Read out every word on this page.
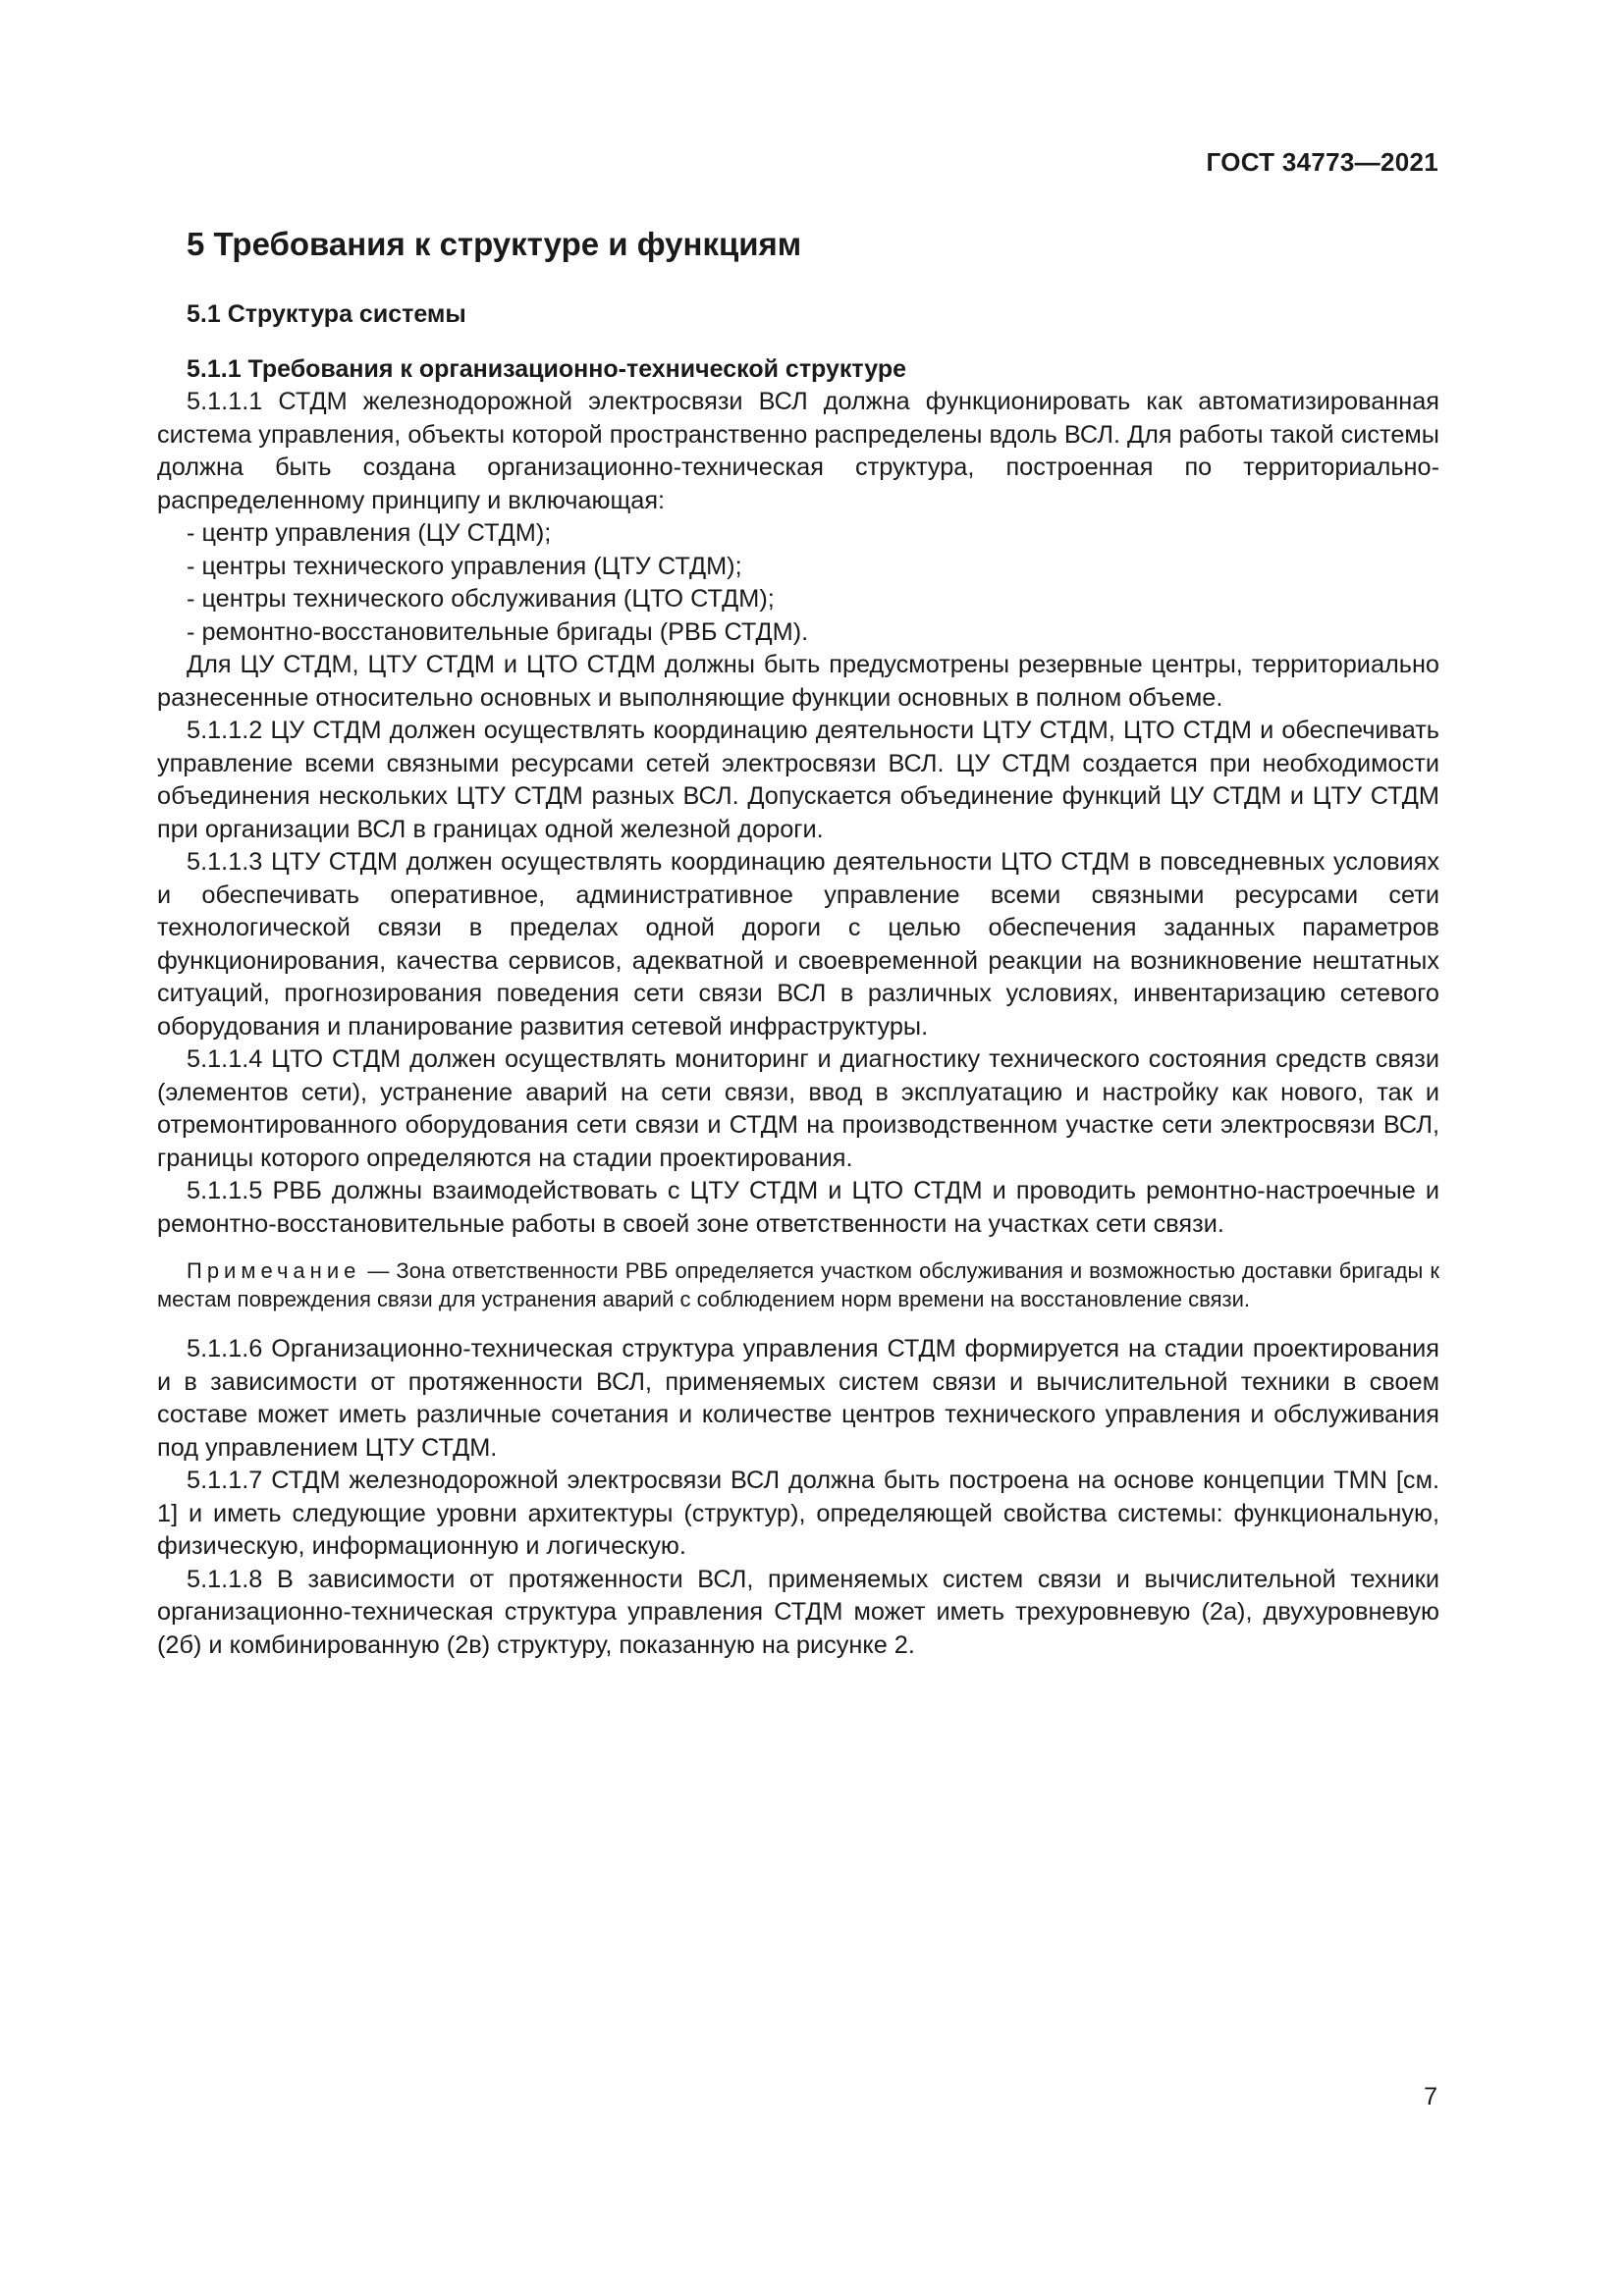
ГОСТ 34773—2021
5 Требования к структуре и функциям
5.1 Структура системы
5.1.1 Требования к организационно-технической структуре

5.1.1.1 СТДМ железнодорожной электросвязи ВСЛ должна функционировать как автоматизированная система управления, объекты которой пространственно распределены вдоль ВСЛ. Для работы такой системы должна быть создана организационно-техническая структура, построенная по территориально-распределенному принципу и включающая:

- центр управления (ЦУ СТДМ);
- центры технического управления (ЦТУ СТДМ);
- центры технического обслуживания (ЦТО СТДМ);
- ремонтно-восстановительные бригады (РВБ СТДМ).

Для ЦУ СТДМ, ЦТУ СТДМ и ЦТО СТДМ должны быть предусмотрены резервные центры, территориально разнесенные относительно основных и выполняющие функции основных в полном объеме.

5.1.1.2 ЦУ СТДМ должен осуществлять координацию деятельности ЦТУ СТДМ, ЦТО СТДМ и обеспечивать управление всеми связными ресурсами сетей электросвязи ВСЛ. ЦУ СТДМ создается при необходимости объединения нескольких ЦТУ СТДМ разных ВСЛ. Допускается объединение функций ЦУ СТДМ и ЦТУ СТДМ при организации ВСЛ в границах одной железной дороги.

5.1.1.3 ЦТУ СТДМ должен осуществлять координацию деятельности ЦТО СТДМ в повседневных условиях и обеспечивать оперативное, административное управление всеми связными ресурсами сети технологической связи в пределах одной дороги с целью обеспечения заданных параметров функционирования, качества сервисов, адекватной и своевременной реакции на возникновение нештатных ситуаций, прогнозирования поведения сети связи ВСЛ в различных условиях, инвентаризацию сетевого оборудования и планирование развития сетевой инфраструктуры.

5.1.1.4 ЦТО СТДМ должен осуществлять мониторинг и диагностику технического состояния средств связи (элементов сети), устранение аварий на сети связи, ввод в эксплуатацию и настройку как нового, так и отремонтированного оборудования сети связи и СТДМ на производственном участке сети электросвязи ВСЛ, границы которого определяются на стадии проектирования.

5.1.1.5 РВБ должны взаимодействовать с ЦТУ СТДМ и ЦТО СТДМ и проводить ремонтно-настроечные и ремонтно-восстановительные работы в своей зоне ответственности на участках сети связи.

Примечание — Зона ответственности РВБ определяется участком обслуживания и возможностью доставки бригады к местам повреждения связи для устранения аварий с соблюдением норм времени на восстановление связи.

5.1.1.6 Организационно-техническая структура управления СТДМ формируется на стадии проектирования и в зависимости от протяженности ВСЛ, применяемых систем связи и вычислительной техники в своем составе может иметь различные сочетания и количестве центров технического управления и обслуживания под управлением ЦТУ СТДМ.

5.1.1.7 СТДМ железнодорожной электросвязи ВСЛ должна быть построена на основе концепции TMN [см. 1] и иметь следующие уровни архитектуры (структур), определяющей свойства системы: функциональную, физическую, информационную и логическую.

5.1.1.8 В зависимости от протяженности ВСЛ, применяемых систем связи и вычислительной техники организационно-техническая структура управления СТДМ может иметь трехуровневую (2а), двухуровневую (2б) и комбинированную (2в) структуру, показанную на рисунке 2.

7
